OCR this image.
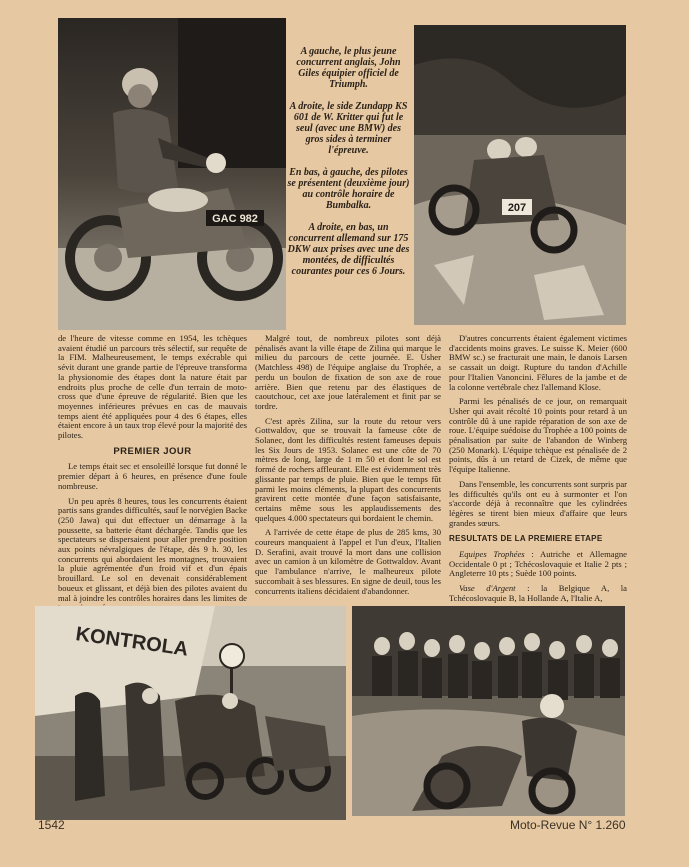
GAC 982

A gauche, le plus jeune concurrent anglais, John Giles équipier officiel de Triumph.

A droite, le side Zundapp KS 601 de W. Kritter qui fut le seul (avec une BMW) des gros sides à terminer l'épreuve.

En bas, à gauche, des pilotes se présentent (deuxième jour) au contrôle horaire de Bumbalka.

A droite, en bas, un concurrent allemand sur 175 DKW aux prises avec une des montées, de difficultés courantes pour ces 6 Jours.

207

de l'heure de vitesse comme en 1954, les tchèques avaient étudié un parcours très sélectif, sur requête de la FIM. Malheureusement, le temps exécrable qui sévit durant une grande partie de l'épreuve transforma la physionomie des étapes dont la nature était par endroits plus proche de celle d'un terrain de moto-cross que d'une épreuve de régularité. Bien que les moyennes inférieures prévues en cas de mauvais temps aient été appliquées pour 4 des 6 étapes, elles étaient encore à un taux trop élevé pour la majorité des pilotes.

PREMIER JOUR

Le temps était sec et ensoleillé lorsque fut donné le premier départ à 6 heures, en présence d'une foule nombreuse.

Un peu après 8 heures, tous les concurrents étaient partis sans grandes difficultés, sauf le norvégien Backe (250 Jawa) qui dut effectuer un démarrage à la poussette, sa batterie étant déchargée. Tandis que les spectateurs se dispersaient pour aller prendre position aux points névralgiques de l'étape, dès 9 h. 30, les concurrents qui abordaient les montagnes, trouvaient la pluie agrémentée d'un froid vif et d'un épais brouillard. Le sol en devenait considérablement boueux et glissant, et déjà bien des pilotes avaient du mal à joindre les contrôles horaires dans les limites de

Malgré tout, de nombreux pilotes sont déjà pénalisés avant la ville étape de Zilina qui marque le milieu du parcours de cette journée. E. Usher (Matchless 498) de l'équipe anglaise du Trophée, a perdu un boulon de fixation de son axe de roue arrière. Bien que retenu par des élastiques de caoutchouc, cet axe joue latéralement et finit par se tordre.

C'est après Zilina, sur la route du retour vers Gottwaldov, que se trouvait la fameuse côte de Solanec, dont les difficultés restent fameuses depuis les Six Jours de 1953. Solanec est une côte de 70 mètres de long, large de 1 m 50 et dont le sol est formé de rochers affleurant. Elle est évidemment très glissante par temps de pluie. Bien que le temps fût parmi les moins cléments, la plupart des concurrents gravirent cette montée d'une façon satisfaisante, certains même sous les applaudissements des quelques 4.000 spectateurs qui bordaient le chemin.

A l'arrivée de cette étape de plus de 285 kms, 30 coureurs manquaient à l'appel et l'un d'eux, l'Italien D. Serafini, avait trouvé la mort dans une collision avec un camion à un kilomètre de Gottwaldov. Avant que l'ambulance n'arrive, le malheureux pilote succombait à ses blessures. En signe de deuil, tous les concurrents italiens décidaient d'abandonner.

D'autres concurrents étaient également victimes d'accidents moins graves. Le suisse K. Meier (600 BMW sc.) se fracturait une main, le danois Larsen se cassait un doigt. Rupture du tandon d'Achille pour l'Italien Vanoncini. Fêlures de la jambe et de la colonne vertébrale chez l'allemand Klose.

Parmi les pénalisés de ce jour, on remarquait Usher qui avait récolté 10 points pour retard à un contrôle dû à une rapide réparation de son axe de roue. L'équipe suédoise du Trophée a 100 points de pénalisation par suite de l'abandon de Winberg (250 Monark). L'équipe tchèque est pénalisée de 2 points, dûs à un retard de Cizek, de même que l'équipe Italienne.

Dans l'ensemble, les concurrents sont surpris par les difficultés qu'ils ont eu à surmonter et l'on s'accorde déjà à reconnaître que les cylindrées légères se tirent bien mieux d'affaire que leurs grandes sœurs.

RESULTATS DE LA PREMIERE ETAPE

Equipes Trophées : Autriche et Allemagne Occidentale 0 pt ; Tchécoslovaquie et Italie 2 pts ; Angleterre 10 pts ; Suède 100 points.

Vase d'Argent : la Belgique A, la Tchécoslovaquie B, la Hollande A, l'Italie A,

KONTROLA
1542	Moto-Revue N° 1.260
